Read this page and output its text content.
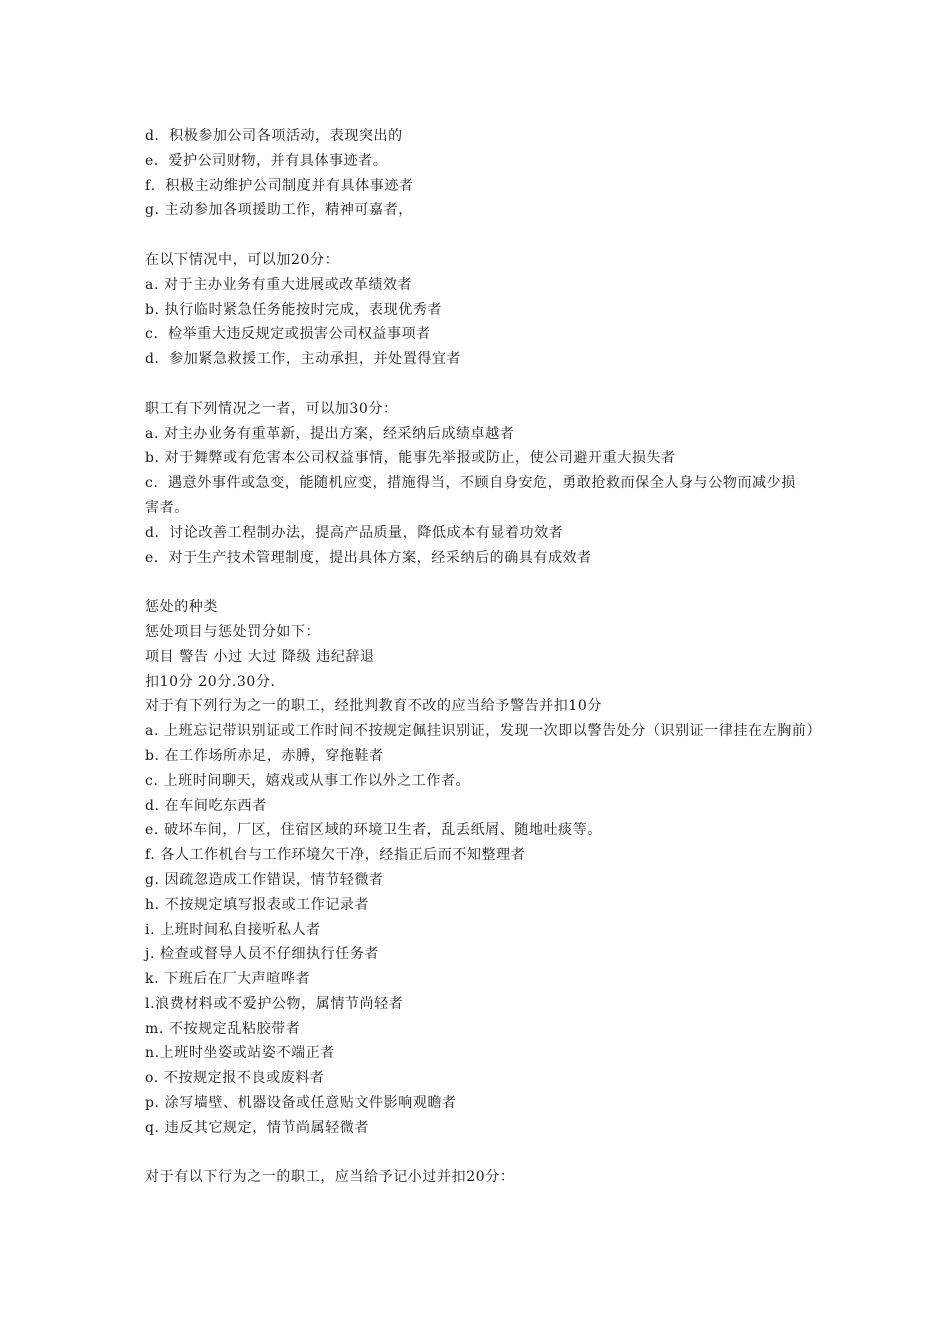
d．积极参加公司各项活动，表现突出的
e．爱护公司财物，并有具体事迹者。
f．积极主动维护公司制度并有具体事迹者
g. 主动参加各项援助工作，精神可嘉者，
在以下情况中，可以加20分：
a. 对于主办业务有重大进展或改革绩效者
b. 执行临时紧急任务能按时完成，表现优秀者
c．检举重大违反规定或损害公司权益事项者
d．参加紧急救援工作，主动承担，并处置得宜者
职工有下列情况之一者，可以加30分：
a. 对主办业务有重革新，提出方案，经采纳后成绩卓越者
b. 对于舞弊或有危害本公司权益事情，能事先举报或防止，使公司避开重大损失者
c．遇意外事件或急变，能随机应变，措施得当，不顾自身安危，勇敢抢救而保全人身与公物而减少损 害者。
d．讨论改善工程制办法，提高产品质量，降低成本有显着功效者
e．对于生产技术管理制度，提出具体方案，经采纳后的确具有成效者
惩处的种类
惩处项目与惩处罚分如下：
项目 警告 小过 大过 降级 违纪辞退
扣10分 20分.30分.
对于有下列行为之一的职工，经批判教育不改的应当给予警告并扣10分
a. 上班忘记带识别证或工作时间不按规定佩挂识别证，发现一次即以警告处分（识别证一律挂在左胸前）
b. 在工作场所赤足，赤膊，穿拖鞋者
c. 上班时间聊天，嬉戏或从事工作以外之工作者。
d. 在车间吃东西者
e. 破坏车间，厂区，住宿区域的环境卫生者，乱丢纸屑、随地吐痰等。
f. 各人工作机台与工作环境欠干净，经指正后而不知整理者
g. 因疏忽造成工作错误，情节轻微者
h. 不按规定填写报表或工作记录者
i. 上班时间私自接听私人者
j. 检查或督导人员不仔细执行任务者
k. 下班后在厂大声喧哗者
l.浪费材料或不爱护公物，属情节尚轻者
m. 不按规定乱粘胶带者
n.上班时坐姿或站姿不端正者
o. 不按规定报不良或废料者
p. 涂写墙壁、机器设备或任意贴文件影响观瞻者
q. 违反其它规定，情节尚属轻微者
对于有以下行为之一的职工，应当给予记小过并扣20分：
